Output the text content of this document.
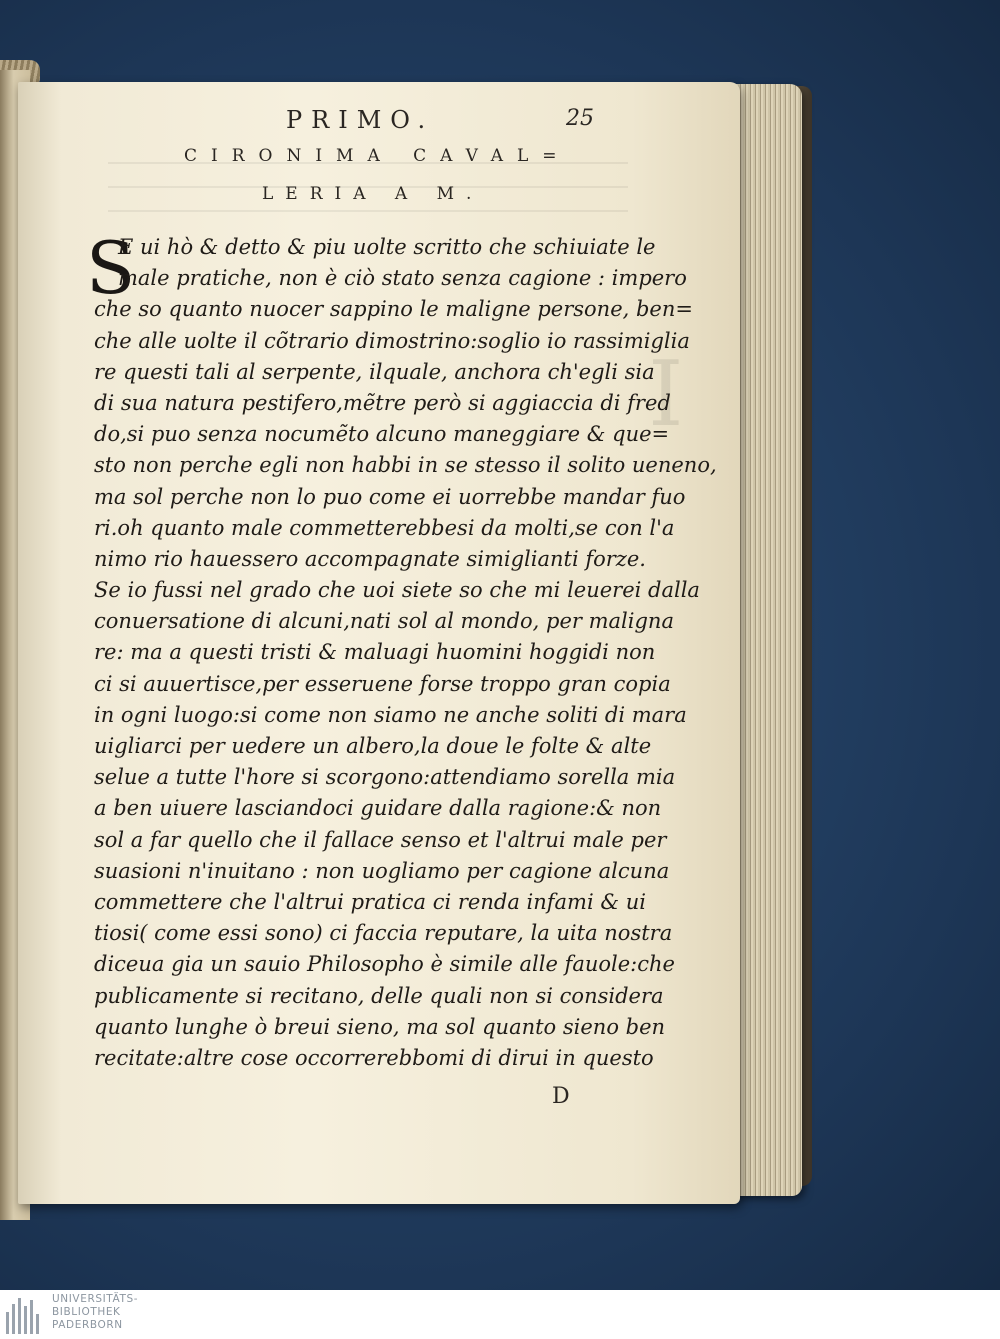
I
PRIMO.	25
CIRONIMA CAVAL=
LERIA A M.
S
E ui hò & detto & piu uolte scritto che schiuiate le
male pratiche, non è ciò stato senza cagione : impero
che so quanto nuocer sappino le maligne persone, ben=
che alle uolte il cõtrario dimostrino:soglio io rassimiglia
re questi tali al serpente, ilquale, anchora ch'egli sia
di sua natura pestifero,mẽtre però si aggiaccia di fred
do,si puo senza nocumẽto alcuno maneggiare & que=
sto non perche egli non habbi in se stesso il solito ueneno,
ma sol perche non lo puo come ei uorrebbe mandar fuo
ri.oh quanto male commetterebbesi da molti,se con l'a
nimo rio hauessero accompagnate simiglianti forze.
Se io fussi nel grado che uoi siete so che mi leuerei dalla
conuersatione di alcuni,nati sol al mondo, per maligna
re: ma a questi tristi & maluagi huomini hoggidi non
ci si auuertisce,per esseruene forse troppo gran copia
in ogni luogo:si come non siamo ne anche soliti di mara
uigliarci per uedere un albero,la doue le folte & alte
selue a tutte l'hore si scorgono:attendiamo sorella mia
a ben uiuere lasciandoci guidare dalla ragione:& non
sol a far quello che il fallace senso et l'altrui male per
suasioni n'inuitano : non uogliamo per cagione alcuna
commettere che l'altrui pratica ci renda infami & ui
tiosi( come essi sono) ci faccia reputare, la uita nostra
diceua gia un sauio Philosopho è simile alle fauole:che
publicamente si recitano, delle quali non si considera
quanto lunghe ò breui sieno, ma sol quanto sieno ben
recitate:altre cose occorrerebbomi di dirui in questo
D
UNIVERSITÄTS-
BIBLIOTHEK
PADERBORN
